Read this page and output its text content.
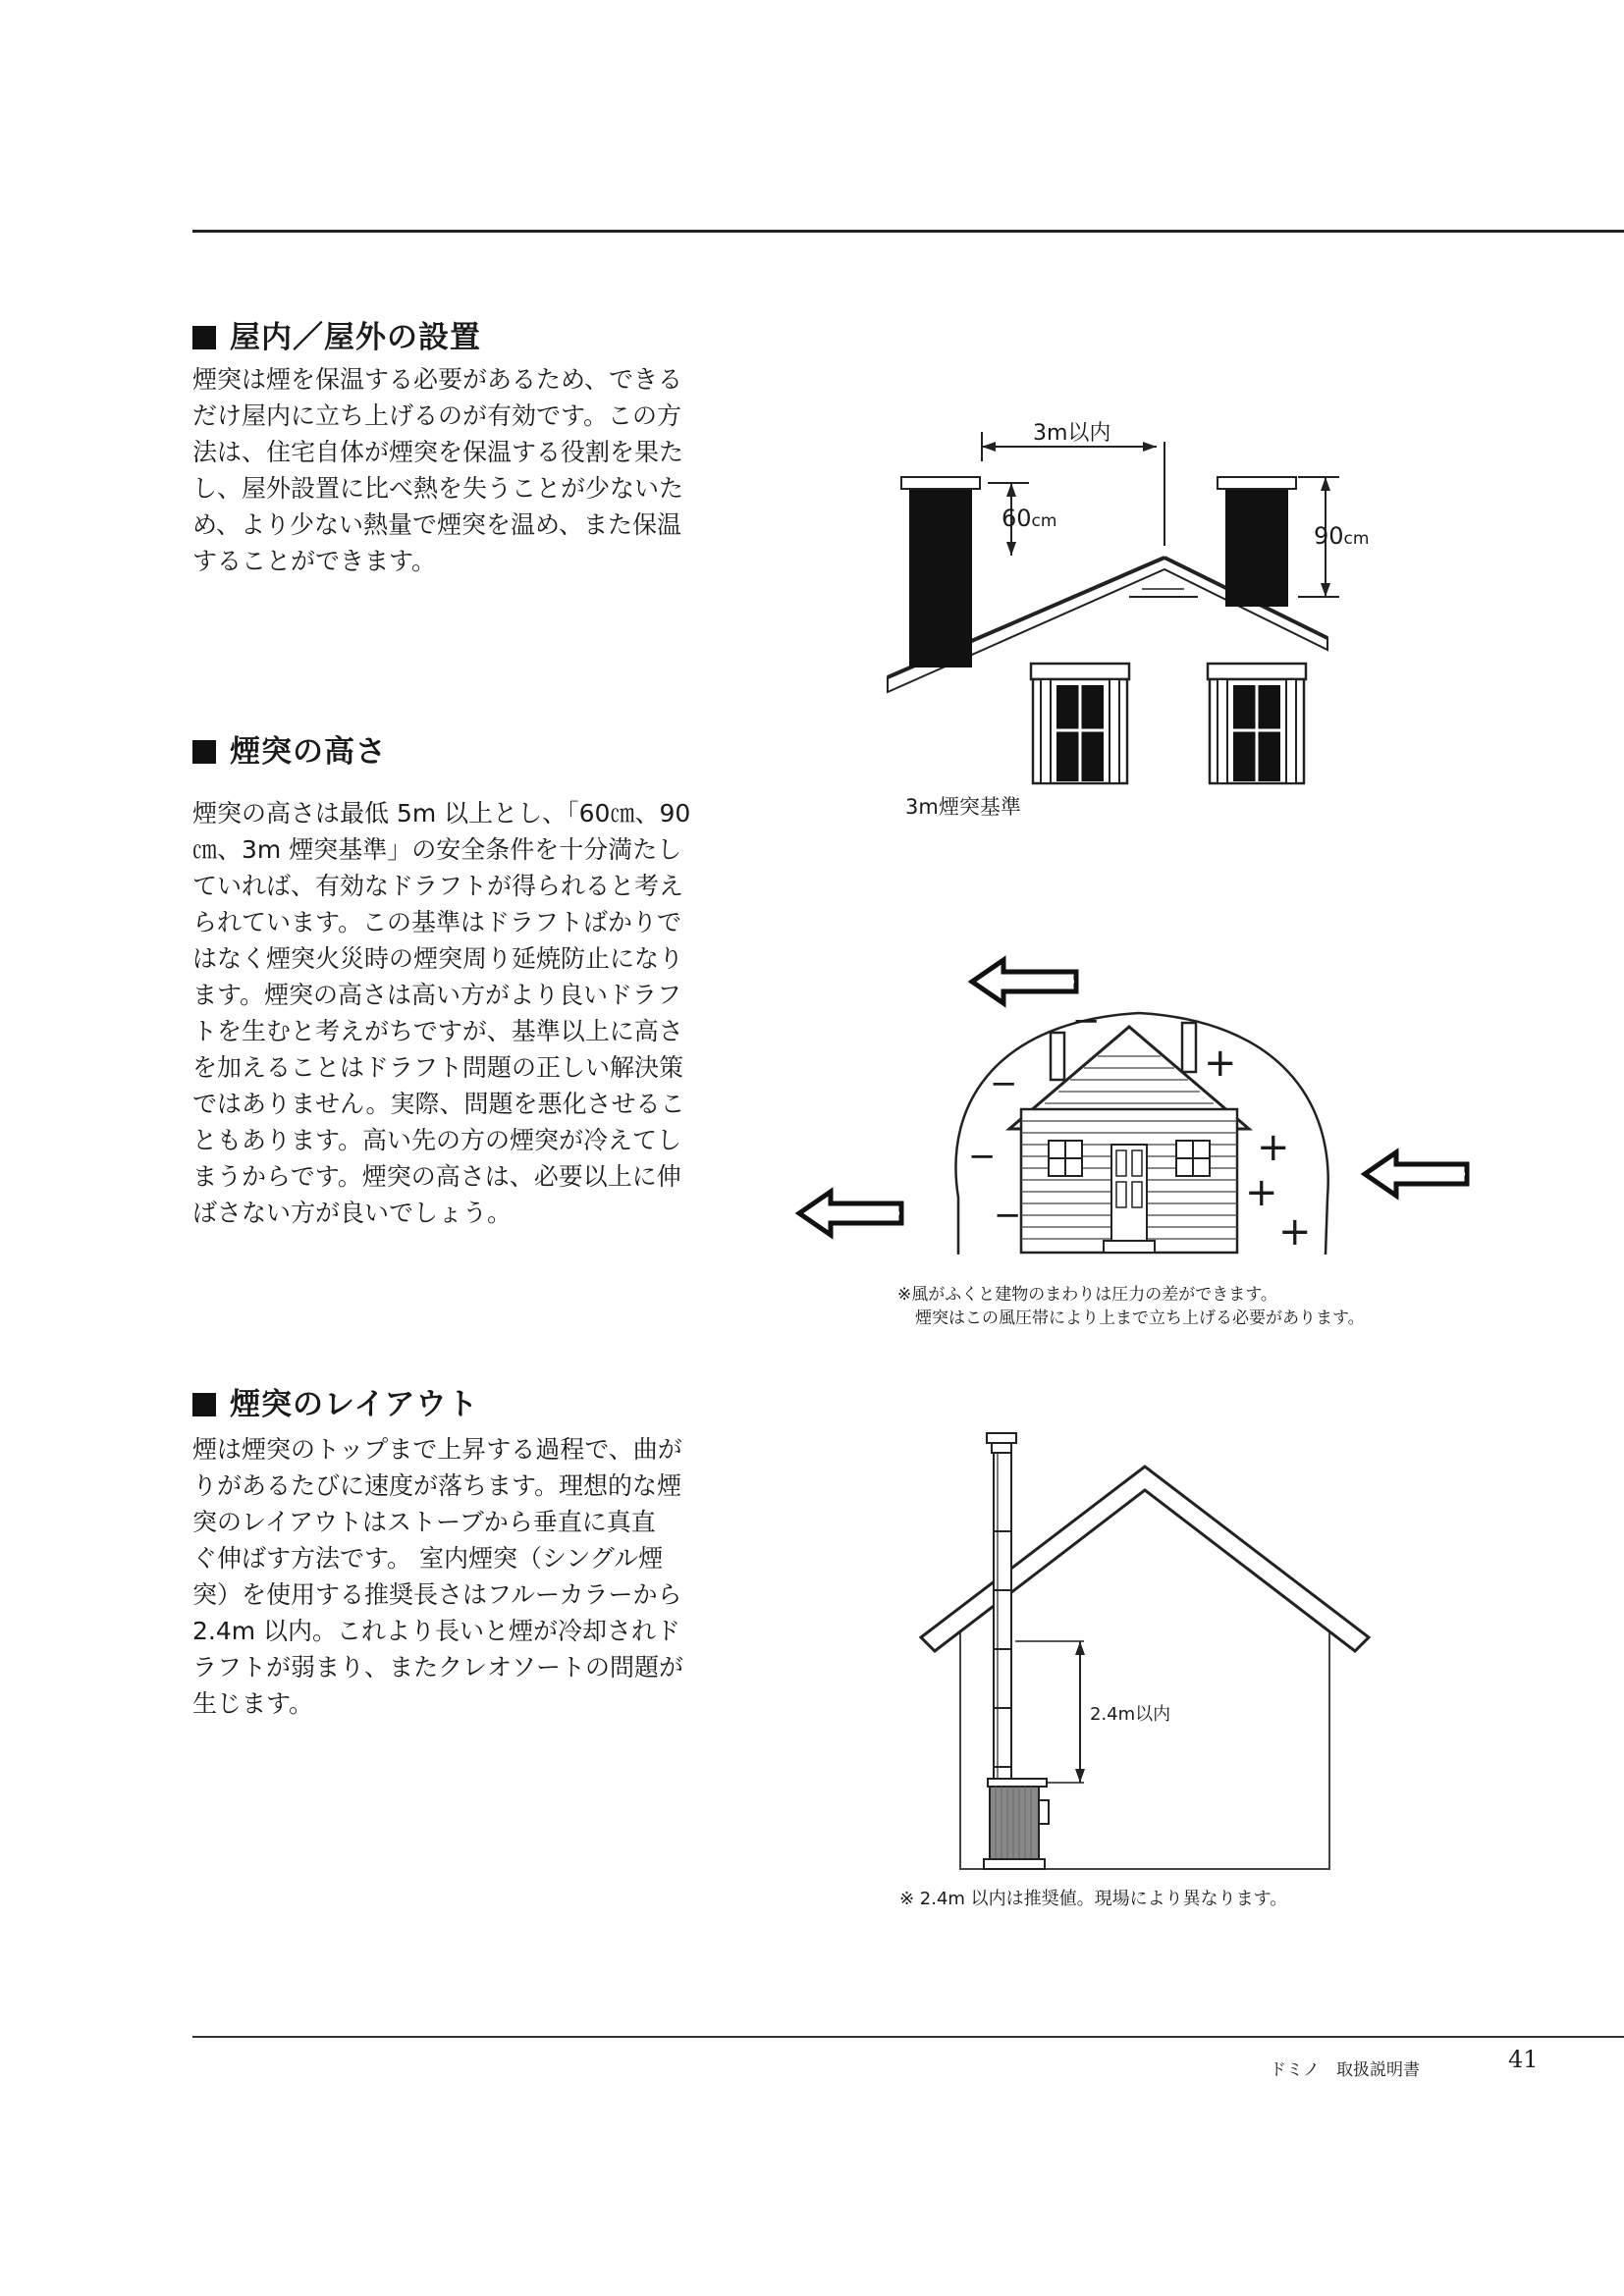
屋内／屋外の設置
煙突は煙を保温する必要があるため、できる
だけ屋内に立ち上げるのが有効です。この方
法は、住宅自体が煙突を保温する役割を果た
し、屋外設置に比べ熱を失うことが少ないた
め、より少ない熱量で煙突を温め、また保温
することができます。
煙突の高さ
煙突の高さは最低 5m 以上とし、「60㎝、90
㎝、3m 煙突基準」の安全条件を十分満たし
ていれば、有効なドラフトが得られると考え
られています。この基準はドラフトばかりで
はなく煙突火災時の煙突周り延焼防止になり
ます。煙突の高さは高い方がより良いドラフ
トを生むと考えがちですが、基準以上に高さ
を加えることはドラフト問題の正しい解決策
ではありません。実際、問題を悪化させるこ
ともあります。高い先の方の煙突が冷えてし
まうからです。煙突の高さは、必要以上に伸
ばさない方が良いでしょう。
煙突のレイアウト
煙は煙突のトップまで上昇する過程で、曲が
りがあるたびに速度が落ちます。理想的な煙
突のレイアウトはストーブから垂直に真直
ぐ伸ばす方法です。 室内煙突（シングル煙
突）を使用する推奨長さはフルーカラーから
2.4m 以内。これより長いと煙が冷却されド
ラフトが弱まり、またクレオソートの問題が
生じます。
3m以内
60cm
90cm
3m煙突基準
−
−
−
−
+
+
+
+
※風がふくと建物のまわりは圧力の差ができます。
煙突はこの風圧帯により上まで立ち上げる必要があります。
2.4m以内
※ 2.4m 以内は推奨値。現場により異なります。
ドミノ　取扱説明書	41
